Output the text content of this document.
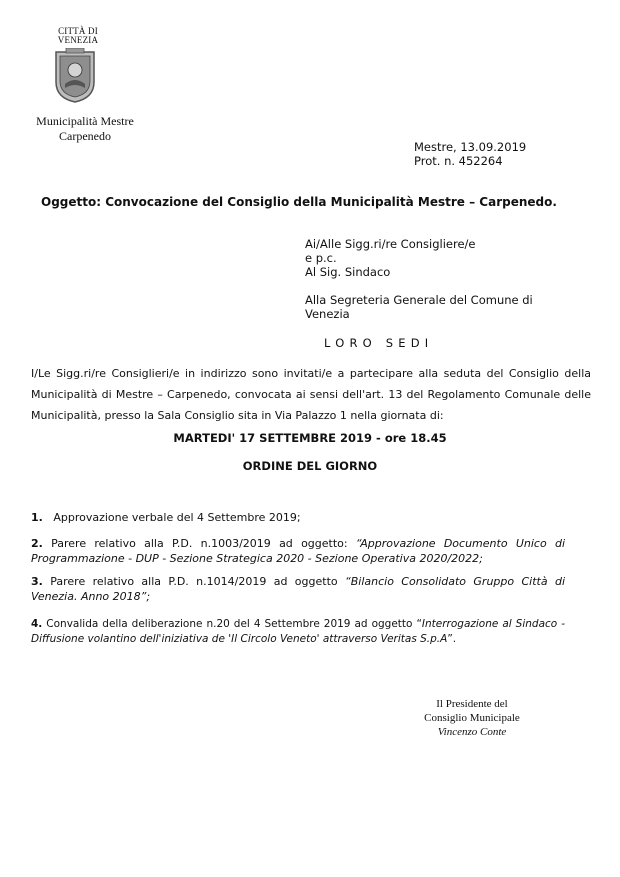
CITTÀ DI
VENEZIA
Municipalità Mestre
Carpenedo
Mestre, 13.09.2019
Prot. n. 452264
Oggetto: Convocazione del Consiglio della Municipalità Mestre – Carpenedo.
Ai/Alle Sigg.ri/re Consigliere/e
e p.c.
Al Sig. Sindaco
Alla Segreteria Generale del Comune di
Venezia
LORO SEDI
I/Le Sigg.ri/re Consiglieri/e in indirizzo sono invitati/e a partecipare alla seduta del Consiglio della Municipalità di Mestre – Carpenedo, convocata ai sensi dell'art. 13 del Regolamento Comunale delle Municipalità, presso la Sala Consiglio sita in Via Palazzo 1 nella giornata di:
MARTEDI' 17 SETTEMBRE 2019 - ore 18.45
ORDINE DEL GIORNO
1. Approvazione verbale del 4 Settembre 2019;
2. Parere relativo alla P.D. n.1003/2019 ad oggetto: “Approvazione Documento Unico di Programmazione - DUP - Sezione Strategica 2020 - Sezione Operativa 2020/2022;
3. Parere relativo alla P.D. n.1014/2019 ad oggetto “Bilancio Consolidato Gruppo Città di Venezia. Anno 2018”;
4. Convalida della deliberazione n.20 del 4 Settembre 2019 ad oggetto “Interrogazione al Sindaco - Diffusione volantino dell'iniziativa de 'Il Circolo Veneto' attraverso Veritas S.p.A”.
Il Presidente del
Consiglio Municipale
Vincenzo Conte
